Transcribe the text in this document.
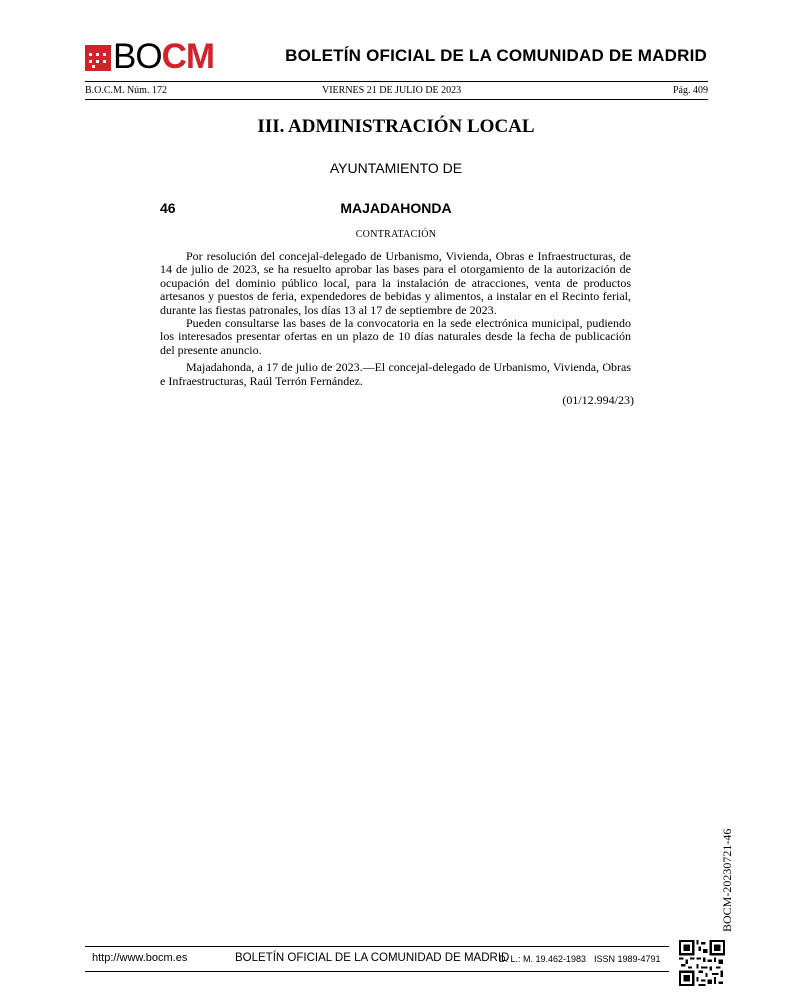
BO CM	BOLETÍN OFICIAL DE LA COMUNIDAD DE MADRID
B.O.C.M. Núm. 172	VIERNES 21 DE JULIO DE 2023	Pág. 409
III. ADMINISTRACIÓN LOCAL
AYUNTAMIENTO DE
46	MAJADAHONDA
CONTRATACIÓN

Por resolución del concejal-delegado de Urbanismo, Vivienda, Obras e Infraestructuras, de 14 de julio de 2023, se ha resuelto aprobar las bases para el otorgamiento de la autorización de ocupación del dominio público local, para la instalación de atracciones, venta de productos artesanos y puestos de feria, expendedores de bebidas y alimentos, a instalar en el Recinto ferial, durante las fiestas patronales, los días 13 al 17 de septiembre de 2023.

Pueden consultarse las bases de la convocatoria en la sede electrónica municipal, pudiendo los interesados presentar ofertas en un plazo de 10 días naturales desde la fecha de publicación del presente anuncio.

Majadahonda, a 17 de julio de 2023.—El concejal-delegado de Urbanismo, Vivienda, Obras e Infraestructuras, Raúl Terrón Fernández.

(01/12.994/23)
BOCM-20230721-46
http://www.bocm.es	BOLETÍN OFICIAL DE LA COMUNIDAD DE MADRID
D. L.: M. 19.462-1983 ISSN 1989-4791
